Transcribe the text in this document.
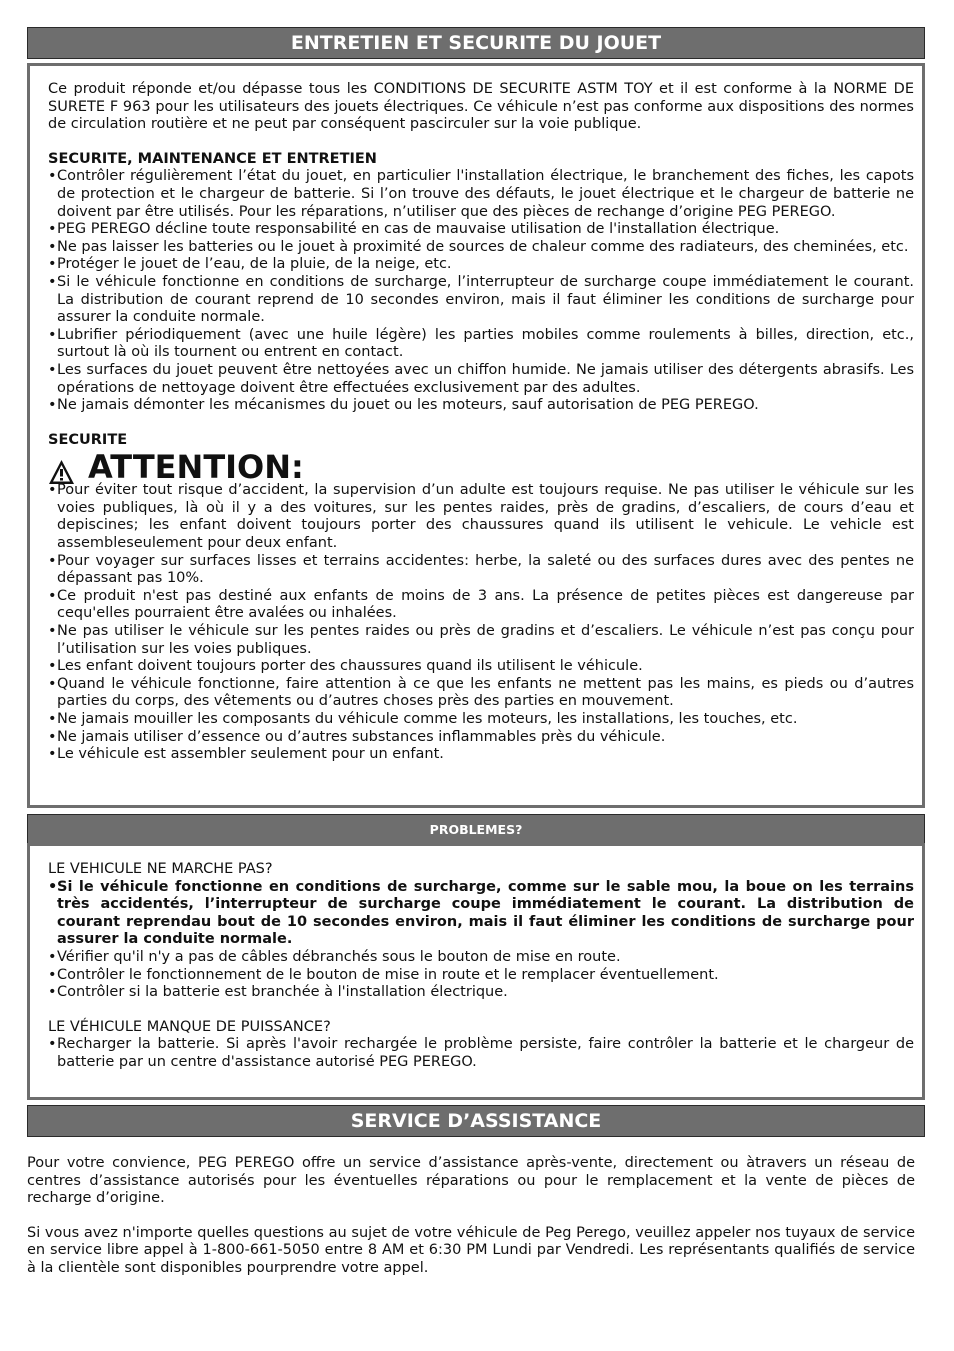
ENTRETIEN ET SECURITE DU JOUET

Ce produit réponde et/ou dépasse tous les CONDITIONS DE SECURITE ASTM TOY et il est conforme à la NORME DE SURETE F 963 pour les utilisateurs des jouets électriques. Ce véhicule n’est pas conforme aux dispositions des normes de circulation routière et ne peut par conséquent pascirculer sur la voie publique.

SECURITE, MAINTENANCE ET ENTRETIEN

• Contrôler régulièrement l’état du jouet, en particulier l'installation électrique, le branchement des fiches, les capots de protection et le chargeur de batterie. Si l’on trouve des défauts, le jouet électrique et le chargeur de batterie ne doivent par être utilisés. Pour les réparations, n’utiliser que des pièces de rechange d’origine PEG PEREGO.
• PEG PEREGO décline toute responsabilité en cas de mauvaise utilisation de l'installation électrique.
• Ne pas laisser les batteries ou le jouet à proximité de sources de chaleur comme des radiateurs, des cheminées, etc.
• Protéger le jouet de l’eau, de la pluie, de la neige, etc.
• Si le véhicule fonctionne en conditions de surcharge, l’interrupteur de surcharge coupe immédiatement le courant. La distribution de courant reprend de 10 secondes environ, mais il faut éliminer les conditions de surcharge pour assurer la conduite normale.
• Lubrifier périodiquement (avec une huile légère) les parties mobiles comme roulements à billes, direction, etc., surtout là où ils tournent ou entrent en contact.
• Les surfaces du jouet peuvent être nettoyées avec un chiffon humide. Ne jamais utiliser des détergents abrasifs. Les opérations de nettoyage doivent être effectuées exclusivement par des adultes.
• Ne jamais démonter les mécanismes du jouet ou les moteurs, sauf autorisation de PEG PEREGO.

SECURITE

ATTENTION:
• Pour éviter tout risque d’accident, la supervision d’un adulte est toujours requise. Ne pas utiliser le véhicule sur les voies publiques, là où il y a des voitures, sur les pentes raides, près de gradins, d’escaliers, de cours d’eau et depiscines; les enfant doivent toujours porter des chaussures quand ils utilisent le vehicule. Le vehicle est assembleseulement pour deux enfant.
• Pour voyager sur surfaces lisses et terrains accidentes: herbe, la saleté ou des surfaces dures avec des pentes ne dépassant pas 10%.
• Ce produit n'est pas destiné aux enfants de moins de 3 ans. La présence de petites pièces est dangereuse par cequ'elles pourraient être avalées ou inhalées.
• Ne pas utiliser le véhicule sur les pentes raides ou près de gradins et d’escaliers. Le véhicule n’est pas conçu pour l’utilisation sur les voies publiques.
• Les enfant doivent toujours porter des chaussures quand ils utilisent le véhicule.
• Quand le véhicule fonctionne, faire attention à ce que les enfants ne mettent pas les mains, es pieds ou d’autres parties du corps, des vêtements ou d’autres choses près des parties en mouvement.
• Ne jamais mouiller les composants du véhicule comme les moteurs, les installations, les touches, etc.
• Ne jamais utiliser d’essence ou d’autres substances inflammables près du véhicule.
• Le véhicule est assembler seulement pour un enfant.
PROBLEMES?

LE VEHICULE NE MARCHE PAS?

• Si le véhicule fonctionne en conditions de surcharge, comme sur le sable mou, la boue on les terrains très accidentés, l’interrupteur de surcharge coupe immédiatement le courant. La distribution de courant reprendau bout de 10 secondes environ, mais il faut éliminer les conditions de surcharge pour assurer la conduite normale.
• Vérifier qu'il n'y a pas de câbles débranchés sous le bouton de mise en route.
• Contrôler le fonctionnement de le bouton de mise in route et le remplacer éventuellement.
• Contrôler si la batterie est branchée à l'installation électrique.

LE VÉHICULE MANQUE DE PUISSANCE?

• Recharger la batterie. Si après l'avoir rechargée le problème persiste, faire contrôler la batterie et le chargeur de batterie par un centre d'assistance autorisé PEG PEREGO.
SERVICE D’ASSISTANCE

Pour votre convience, PEG PEREGO offre un service d’assistance après-vente, directement ou àtravers un réseau de centres d’assistance autorisés pour les éventuelles réparations ou pour le remplacement et la vente de pièces de recharge d’origine.

Si vous avez n'importe quelles questions au sujet de votre véhicule de Peg Perego, veuillez appeler nos tuyaux de service en service libre appel à 1-800-661-5050 entre 8 AM et 6:30 PM Lundi par Vendredi. Les représentants qualifiés de service à la clientèle sont disponibles pourprendre votre appel.
